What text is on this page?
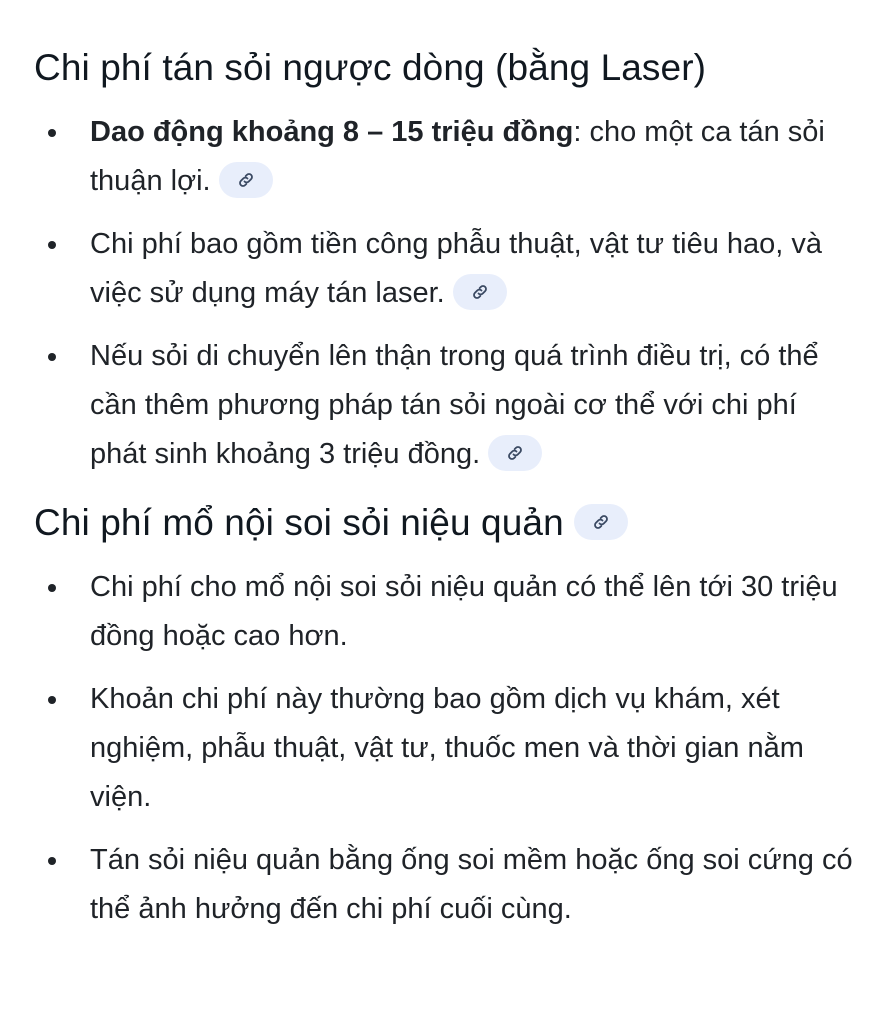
Chi phí tán sỏi ngược dòng (bằng Laser)
Dao động khoảng 8 – 15 triệu đồng: cho một ca tán sỏi thuận lợi.
Chi phí bao gồm tiền công phẫu thuật, vật tư tiêu hao, và việc sử dụng máy tán laser.
Nếu sỏi di chuyển lên thận trong quá trình điều trị, có thể cần thêm phương pháp tán sỏi ngoài cơ thể với chi phí phát sinh khoảng 3 triệu đồng.
Chi phí mổ nội soi sỏi niệu quản
Chi phí cho mổ nội soi sỏi niệu quản có thể lên tới 30 triệu đồng hoặc cao hơn.
Khoản chi phí này thường bao gồm dịch vụ khám, xét nghiệm, phẫu thuật, vật tư, thuốc men và thời gian nằm viện.
Tán sỏi niệu quản bằng ống soi mềm hoặc ống soi cứng có thể ảnh hưởng đến chi phí cuối cùng.
